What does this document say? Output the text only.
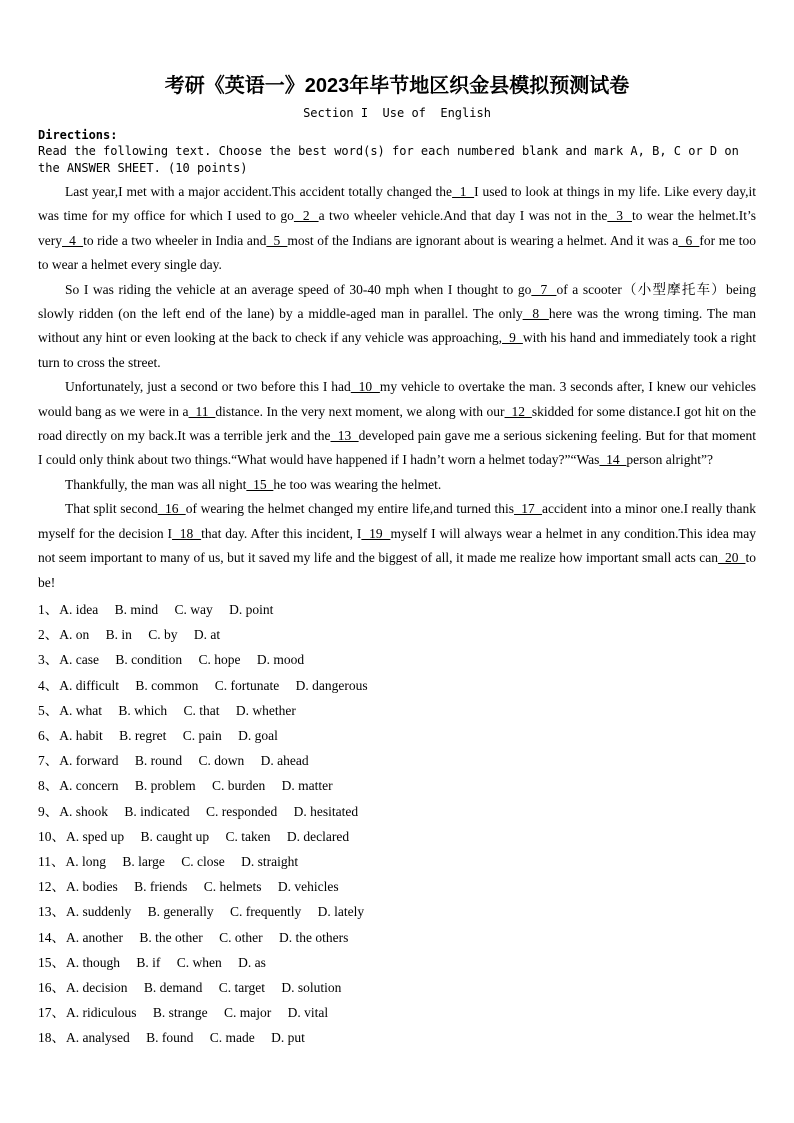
考研《英语一》2023年毕节地区织金县模拟预测试卷
Section I  Use of  English
Directions:
Read the following text. Choose the best word(s) for each numbered blank and mark A, B, C or D on the ANSWER SHEET. (10 points)

Last year,I met with a major accident.This accident totally changed the  1  I used to look at things in my life. Like every day,it was time for my office for which I used to go  2  a two wheeler vehicle.And that day I was not in the  3  to wear the helmet.It’s very  4  to ride a two wheeler in India and  5  most of the Indians are ignorant about is wearing a helmet. And it was a  6  for me too to wear a helmet every single day.

So I was riding the vehicle at an average speed of 30-40 mph when I thought to go  7  of a scooter（小型摩托车）being slowly ridden (on the left end of the lane) by a middle-aged man in parallel. The only  8  here was the wrong timing. The man without any hint or even looking at the back to check if any vehicle was approaching,  9  with his hand and immediately took a right turn to cross the street.

Unfortunately, just a second or two before this I had  10  my vehicle to overtake the man. 3 seconds after, I knew our vehicles would bang as we were in a  11  distance. In the very next moment, we along with our  12  skidded for some distance.I got hit on the road directly on my back.It was a terrible jerk and the  13  developed pain gave me a serious sickening feeling. But for that moment I could only think about two things.“What would have happened if I hadn’t worn a helmet today?”“Was  14  person alright”?

Thankfully, the man was all night  15  he too was wearing the helmet.

That split second  16  of wearing the helmet changed my entire life,and turned this  17  accident into a minor one.I really thank myself for the decision I  18  that day. After this incident, I  19  myself I will always wear a helmet in any condition.This idea may not seem important to many of us, but it saved my life and the biggest of all, it made me realize how important small acts can  20  to be!

1、A. idea B. mind C. way D. point
2、A. on B. in C. by D. at
3、A. case B. condition C. hope D. mood
4、A. difficult B. common C. fortunate D. dangerous
5、A. what B. which C. that D. whether
6、A. habit B. regret C. pain D. goal
7、A. forward B. round C. down D. ahead
8、A. concern B. problem C. burden D. matter
9、A. shook B. indicated C. responded D. hesitated
10、A. sped up B. caught up C. taken D. declared
11、A. long B. large C. close D. straight
12、A. bodies B. friends C. helmets D. vehicles
13、A. suddenly B. generally C. frequently D. lately
14、A. another B. the other C. other D. the others
15、A. though B. if C. when D. as
16、A. decision B. demand C. target D. solution
17、A. ridiculous B. strange C. major D. vital
18、A. analysed B. found C. made D. put
